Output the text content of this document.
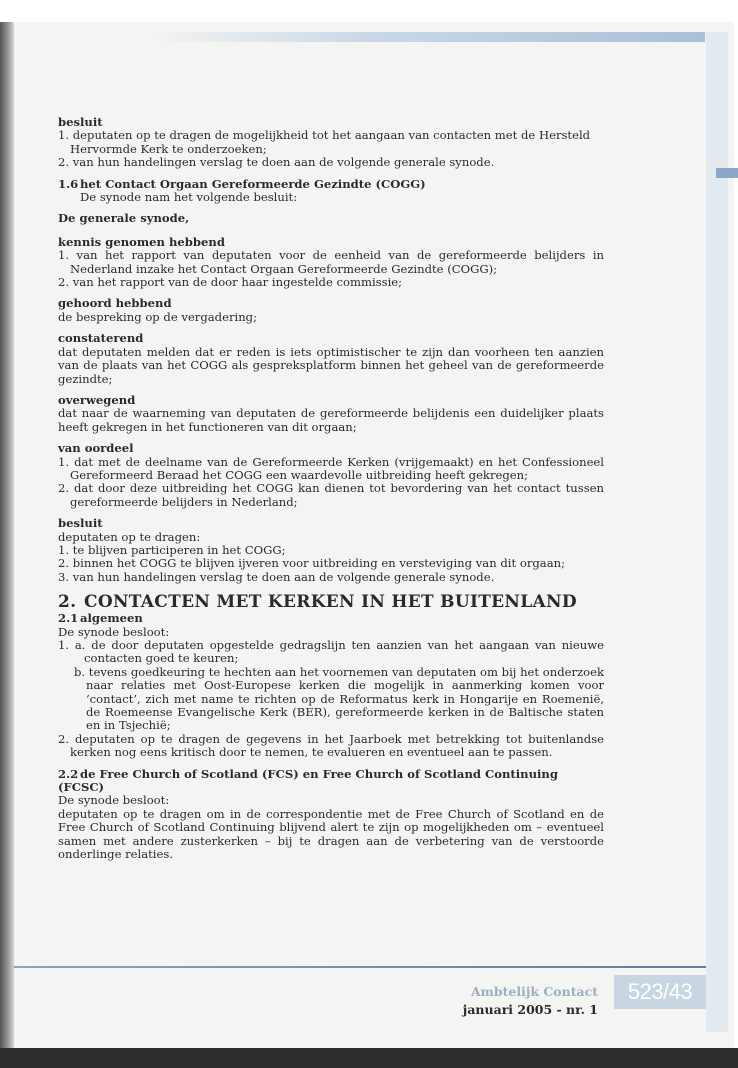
besluit

1. deputaten op te dragen de mogelijkheid tot het aangaan van contacten met de Hersteld Hervormde Kerk te onderzoeken;
2. van hun handelingen verslag te doen aan de volgende generale synode.

1.6 het Contact Orgaan Gereformeerde Gezindte (COGG)

De synode nam het volgende besluit:

De generale synode,

kennis genomen hebbend

1. van het rapport van deputaten voor de eenheid van de gereformeerde belijders in Nederland inzake het Contact Orgaan Gereformeerde Gezindte (COGG);
2. van het rapport van de door haar ingestelde commissie;

gehoord hebbend

de bespreking op de vergadering;

constaterend

dat deputaten melden dat er reden is iets optimistischer te zijn dan voorheen ten aanzien van de plaats van het COGG als gespreksplatform binnen het geheel van de gereformeerde gezindte;

overwegend

dat naar de waarneming van deputaten de gereformeerde belijdenis een duidelijker plaats heeft gekregen in het functioneren van dit orgaan;

van oordeel

1. dat met de deelname van de Gereformeerde Kerken (vrijgemaakt) en het Confessioneel Gereformeerd Beraad het COGG een waardevolle uitbreiding heeft gekregen;
2. dat door deze uitbreiding het COGG kan dienen tot bevordering van het contact tussen gereformeerde belijders in Nederland;

besluit

deputaten op te dragen:

1. te blijven participeren in het COGG;
2. binnen het COGG te blijven ijveren voor uitbreiding en versteviging van dit orgaan;
3. van hun handelingen verslag te doen aan de volgende generale synode.

2. CONTACTEN MET KERKEN IN HET BUITENLAND

2.1 algemeen

De synode besloot:

1. a. de door deputaten opgestelde gedragslijn ten aanzien van het aangaan van nieuwe contacten goed te keuren;
b. tevens goedkeuring te hechten aan het voornemen van deputaten om bij het onderzoek naar relaties met Oost-Europese kerken die mogelijk in aanmerking komen voor ‘contact’, zich met name te richten op de Reformatus kerk in Hongarije en Roemenië, de Roemeense Evangelische Kerk (BER), gereformeerde kerken in de Baltische staten en in Tsjechië;
2. deputaten op te dragen de gegevens in het Jaarboek met betrekking tot buitenlandse kerken nog eens kritisch door te nemen, te evalueren en eventueel aan te passen.

2.2 de Free Church of Scotland (FCS) en Free Church of Scotland Continuing (FCSC)

De synode besloot:

deputaten op te dragen om in de correspondentie met de Free Church of Scotland en de Free Church of Scotland Continuing blijvend alert te zijn op mogelijkheden om – eventueel samen met andere zusterkerken – bij te dragen aan de verbetering van de verstoorde onderlinge relaties.

Ambtelijk Contact
januari 2005 - nr. 1
523/43
